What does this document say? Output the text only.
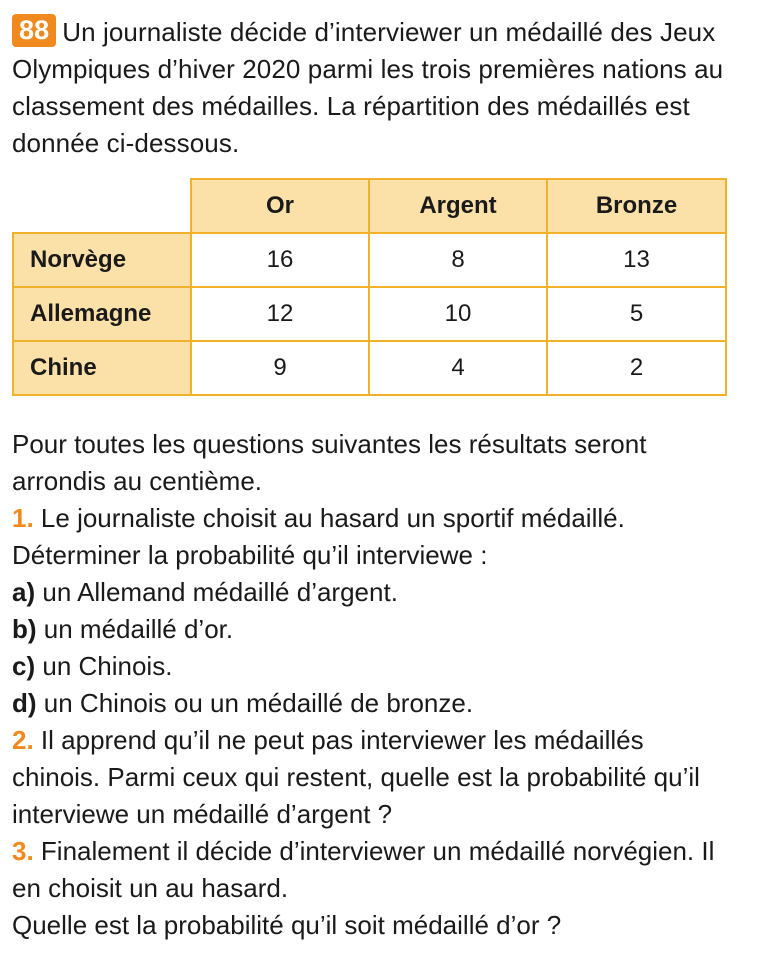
88 Un journaliste décide d’interviewer un médaillé des Jeux Olympiques d’hiver 2020 parmi les trois premières nations au classement des médailles. La répartition des médaillés est donnée ci-dessous.

	Or	Argent	Bronze
Norvège	16	8	13
Allemagne	12	10	5
Chine	9	4	2

Pour toutes les questions suivantes les résultats seront arrondis au centième.

1. Le journaliste choisit au hasard un sportif médaillé.

Déterminer la probabilité qu’il interviewe :

a) un Allemand médaillé d’argent.

b) un médaillé d’or.

c) un Chinois.

d) un Chinois ou un médaillé de bronze.

2. Il apprend qu’il ne peut pas interviewer les médaillés chinois. Parmi ceux qui restent, quelle est la probabilité qu’il interviewe un médaillé d’argent ?

3. Finalement il décide d’interviewer un médaillé norvégien. Il en choisit un au hasard.

Quelle est la probabilité qu’il soit médaillé d’or ?
